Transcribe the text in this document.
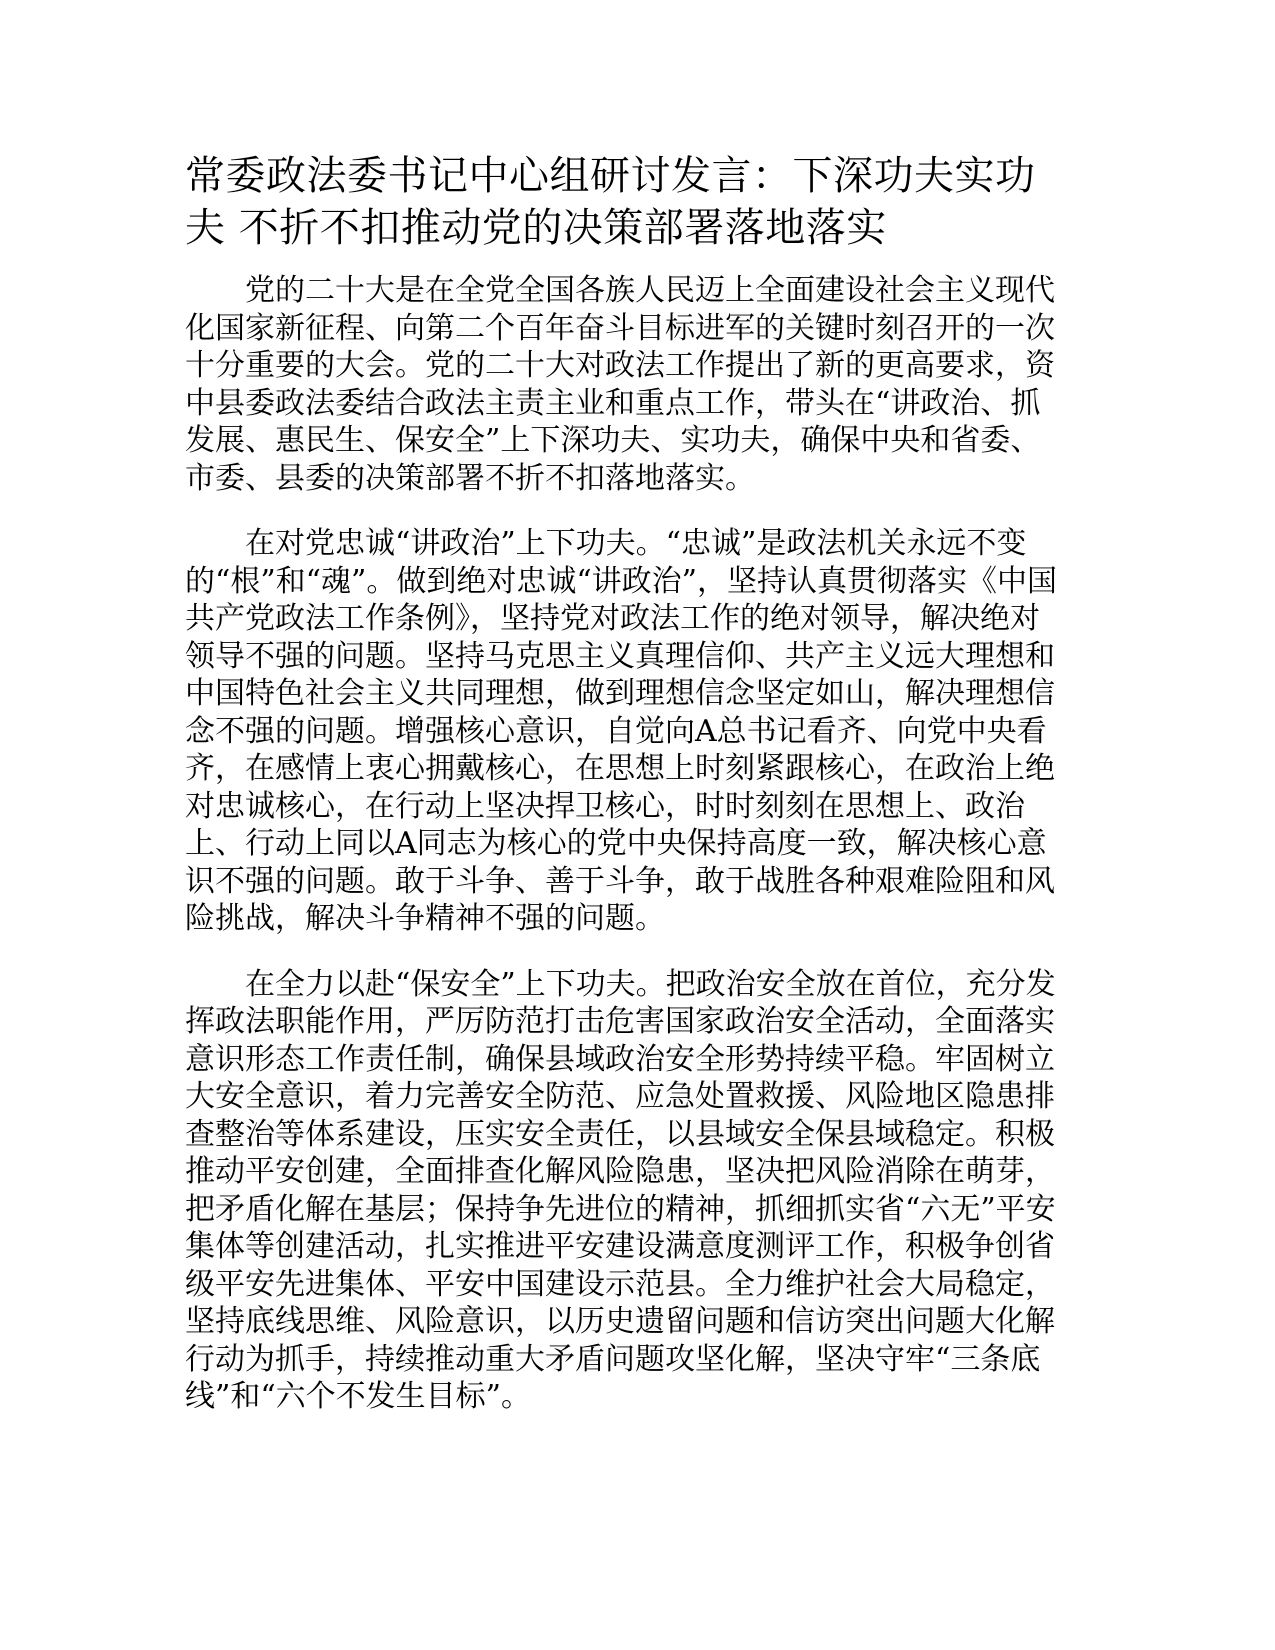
常委政法委书记中心组研讨发言：下深功夫实功夫 不折不扣推动党的决策部署落地落实

党的二十大是在全党全国各族人民迈上全面建设社会主义现代化国家新征程、向第二个百年奋斗目标进军的关键时刻召开的一次十分重要的大会。党的二十大对政法工作提出了新的更高要求，资中县委政法委结合政法主责主业和重点工作，带头在“讲政治、抓发展、惠民生、保安全”上下深功夫、实功夫，确保中央和省委、市委、县委的决策部署不折不扣落地落实。

在对党忠诚“讲政治”上下功夫。“忠诚”是政法机关永远不变的“根”和“魂”。做到绝对忠诚“讲政治”，坚持认真贯彻落实《中国共产党政法工作条例》，坚持党对政法工作的绝对领导，解决绝对领导不强的问题。坚持马克思主义真理信仰、共产主义远大理想和中国特色社会主义共同理想，做到理想信念坚定如山，解决理想信念不强的问题。增强核心意识，自觉向A总书记看齐、向党中央看齐，在感情上衷心拥戴核心，在思想上时刻紧跟核心，在政治上绝对忠诚核心，在行动上坚决捍卫核心，时时刻刻在思想上、政治上、行动上同以A同志为核心的党中央保持高度一致，解决核心意识不强的问题。敢于斗争、善于斗争，敢于战胜各种艰难险阻和风险挑战，解决斗争精神不强的问题。

在全力以赴“保安全”上下功夫。把政治安全放在首位，充分发挥政法职能作用，严厉防范打击危害国家政治安全活动，全面落实意识形态工作责任制，确保县域政治安全形势持续平稳。牢固树立大安全意识，着力完善安全防范、应急处置救援、风险地区隐患排查整治等体系建设，压实安全责任，以县域安全保县域稳定。积极推动平安创建，全面排查化解风险隐患，坚决把风险消除在萌芽，把矛盾化解在基层；保持争先进位的精神，抓细抓实省“六无”平安集体等创建活动，扎实推进平安建设满意度测评工作，积极争创省级平安先进集体、平安中国建设示范县。全力维护社会大局稳定，坚持底线思维、风险意识，以历史遗留问题和信访突出问题大化解行动为抓手，持续推动重大矛盾问题攻坚化解，坚决守牢“三条底线”和“六个不发生目标”。
